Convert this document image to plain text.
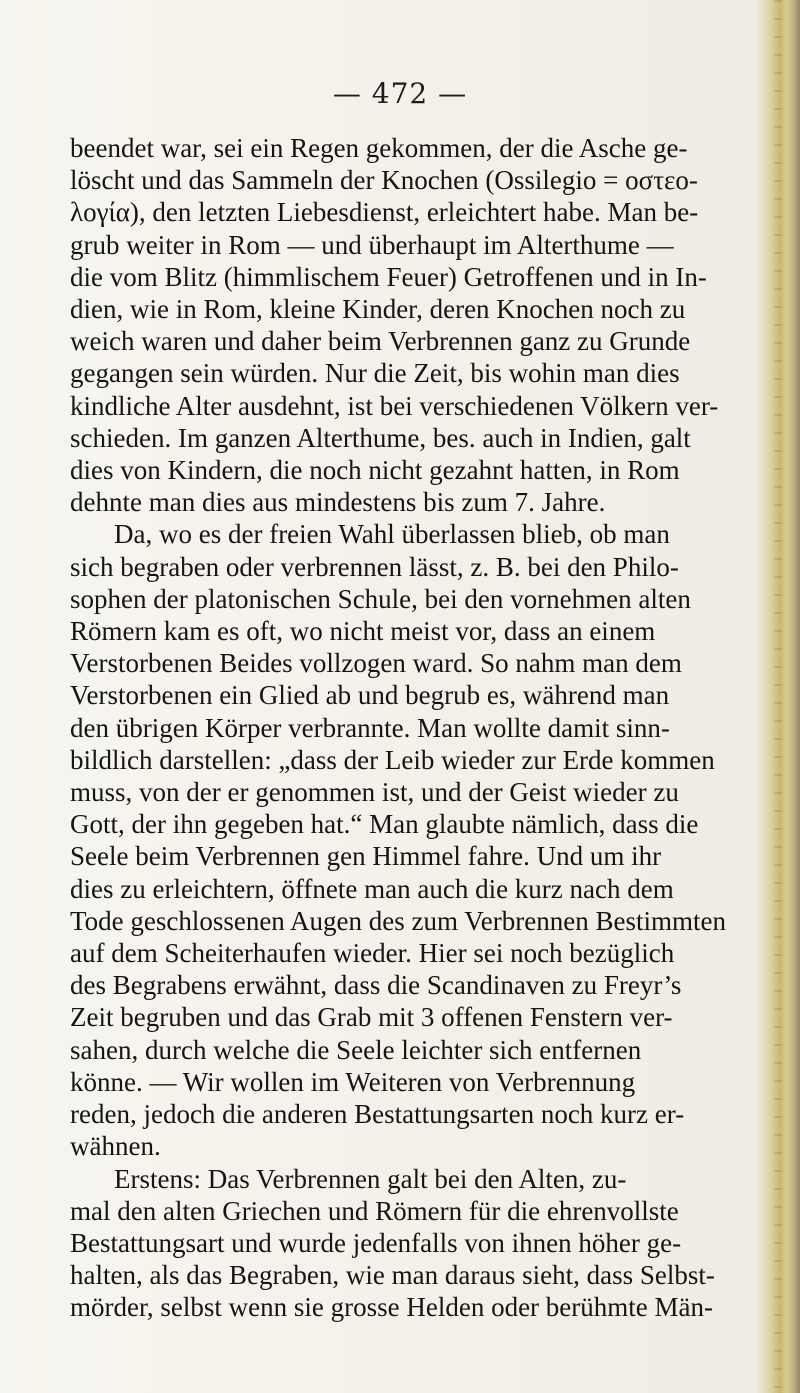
— 472 —
beendet war, sei ein Regen gekommen, der die Asche ge-
löscht und das Sammeln der Knochen (Ossilegio = οστεο-
λογία), den letzten Liebesdienst, erleichtert habe. Man be-
grub weiter in Rom — und überhaupt im Alterthume —
die vom Blitz (himmlischem Feuer) Getroffenen und in In-
dien, wie in Rom, kleine Kinder, deren Knochen noch zu
weich waren und daher beim Verbrennen ganz zu Grunde
gegangen sein würden. Nur die Zeit, bis wohin man dies
kindliche Alter ausdehnt, ist bei verschiedenen Völkern ver-
schieden. Im ganzen Alterthume, bes. auch in Indien, galt
dies von Kindern, die noch nicht gezahnt hatten, in Rom
dehnte man dies aus mindestens bis zum 7. Jahre.
Da, wo es der freien Wahl überlassen blieb, ob man
sich begraben oder verbrennen lässt, z. B. bei den Philo-
sophen der platonischen Schule, bei den vornehmen alten
Römern kam es oft, wo nicht meist vor, dass an einem
Verstorbenen Beides vollzogen ward. So nahm man dem
Verstorbenen ein Glied ab und begrub es, während man
den übrigen Körper verbrannte. Man wollte damit sinn-
bildlich darstellen: „dass der Leib wieder zur Erde kommen
muss, von der er genommen ist, und der Geist wieder zu
Gott, der ihn gegeben hat.“ Man glaubte nämlich, dass die
Seele beim Verbrennen gen Himmel fahre. Und um ihr
dies zu erleichtern, öffnete man auch die kurz nach dem
Tode geschlossenen Augen des zum Verbrennen Bestimmten
auf dem Scheiterhaufen wieder. Hier sei noch bezüglich
des Begrabens erwähnt, dass die Scandinaven zu Freyr’s
Zeit begruben und das Grab mit 3 offenen Fenstern ver-
sahen, durch welche die Seele leichter sich entfernen
könne. — Wir wollen im Weiteren von Verbrennung
reden, jedoch die anderen Bestattungsarten noch kurz er-
wähnen.
Erstens: Das Verbrennen galt bei den Alten, zu-
mal den alten Griechen und Römern für die ehrenvollste
Bestattungsart und wurde jedenfalls von ihnen höher ge-
halten, als das Begraben, wie man daraus sieht, dass Selbst-
mörder, selbst wenn sie grosse Helden oder berühmte Män-
